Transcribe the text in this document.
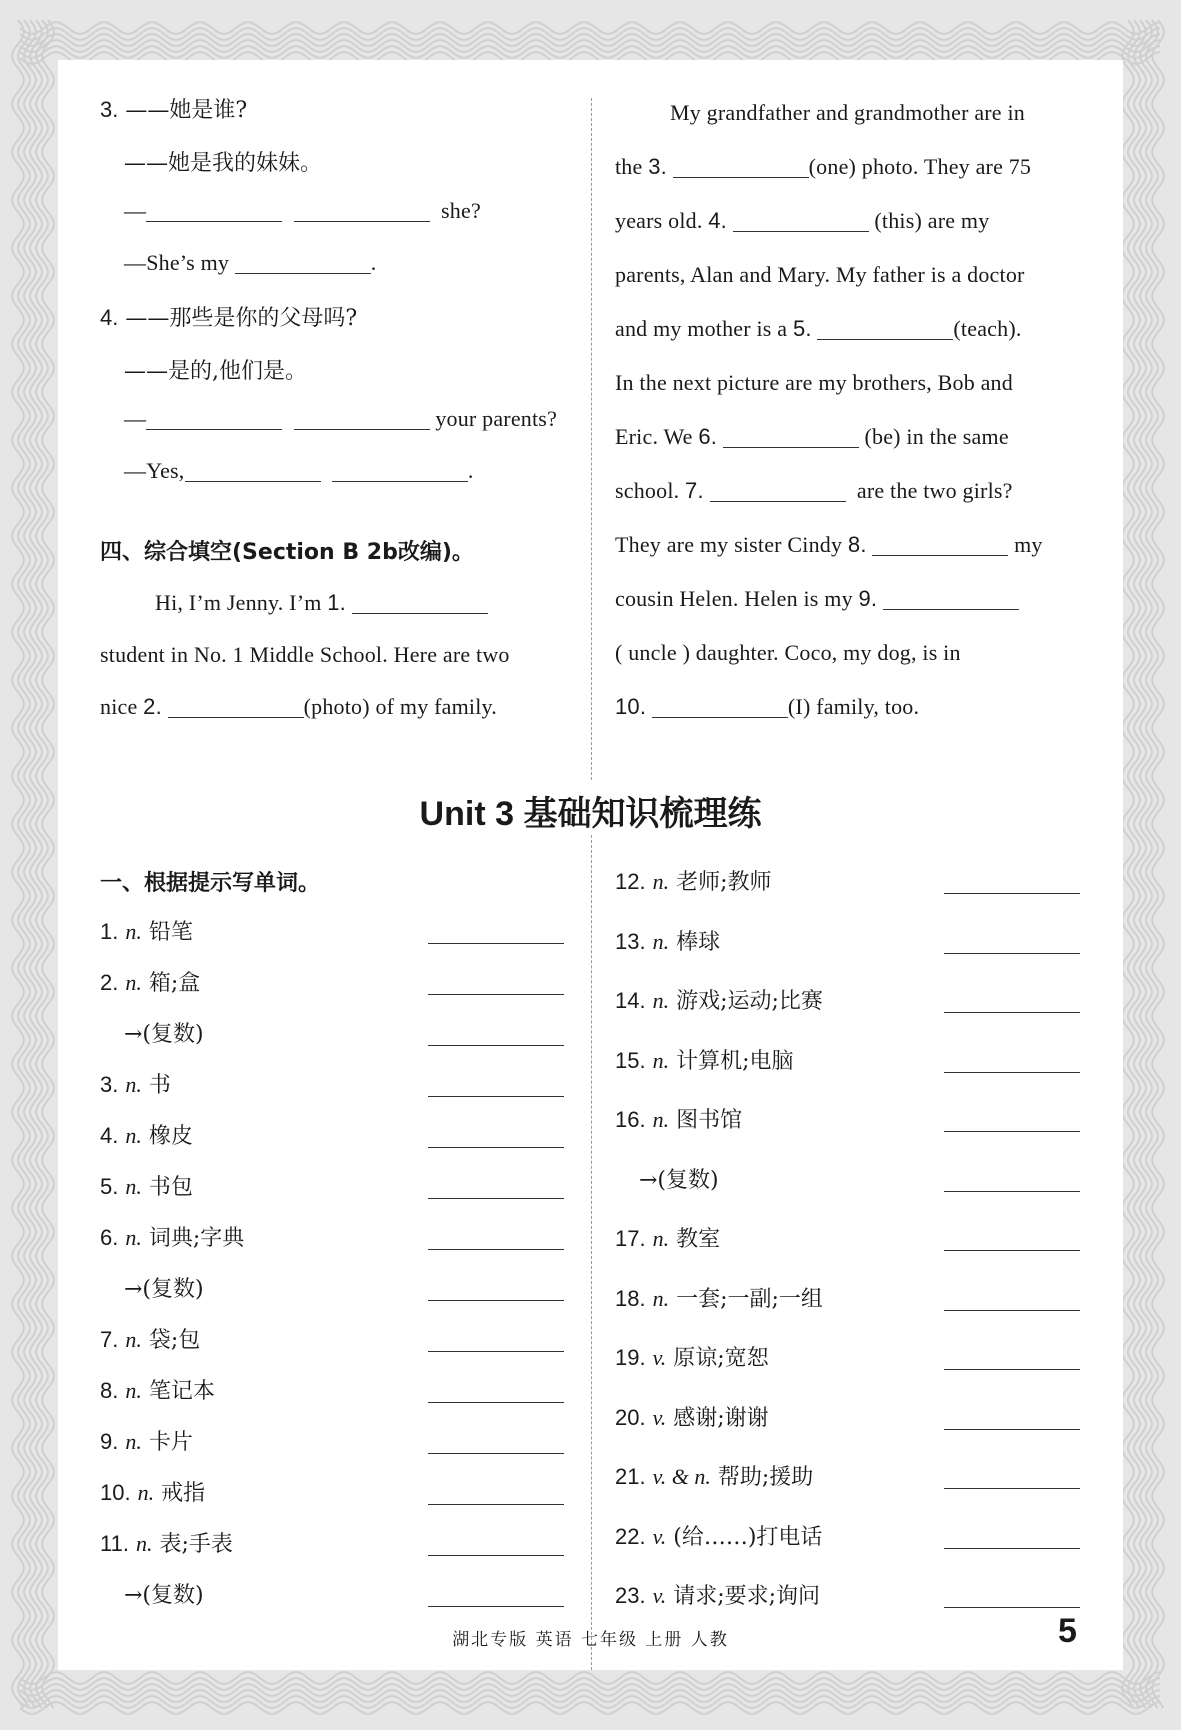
3. ——她是谁?
——她是我的妹妹。
—	she?
—She’s my	.
4. ——那些是你的父母吗?
——是的,他们是。
—	your parents?
—Yes,	.
四、综合填空(Section B 2b改编)。
Hi, I’m Jenny. I’m 1.
student in No. 1 Middle School. Here are two
nice 2.	(photo) of my family.
My grandfather and grandmother are in
the 3.	(one) photo. They are 75
years old. 4.	(this) are my
parents, Alan and Mary. My father is a doctor
and my mother is a 5.	(teach).
In the next picture are my brothers, Bob and
Eric. We 6.	(be) in the same
school. 7.	are the two girls?
They are my sister Cindy 8.	my
cousin Helen. Helen is my 9.
( uncle ) daughter. Coco, my dog, is in
10.	(I) family, too.
Unit 3 基础知识梳理练
一、根据提示写单词。
1. n. 铅笔
2. n. 箱;盒
→(复数)
3. n. 书
4. n. 橡皮
5. n. 书包
6. n. 词典;字典
→(复数)
7. n. 袋;包
8. n. 笔记本
9. n. 卡片
10. n. 戒指
11. n. 表;手表
→(复数)
12. n. 老师;教师
13. n. 棒球
14. n. 游戏;运动;比赛
15. n. 计算机;电脑
16. n. 图书馆
→(复数)
17. n. 教室
18. n. 一套;一副;一组
19. v. 原谅;宽恕
20. v. 感谢;谢谢
21. v. & n. 帮助;援助
22. v. (给……)打电话
23. v. 请求;要求;询问
湖北专版 英语 七年级 上册 人教	5
